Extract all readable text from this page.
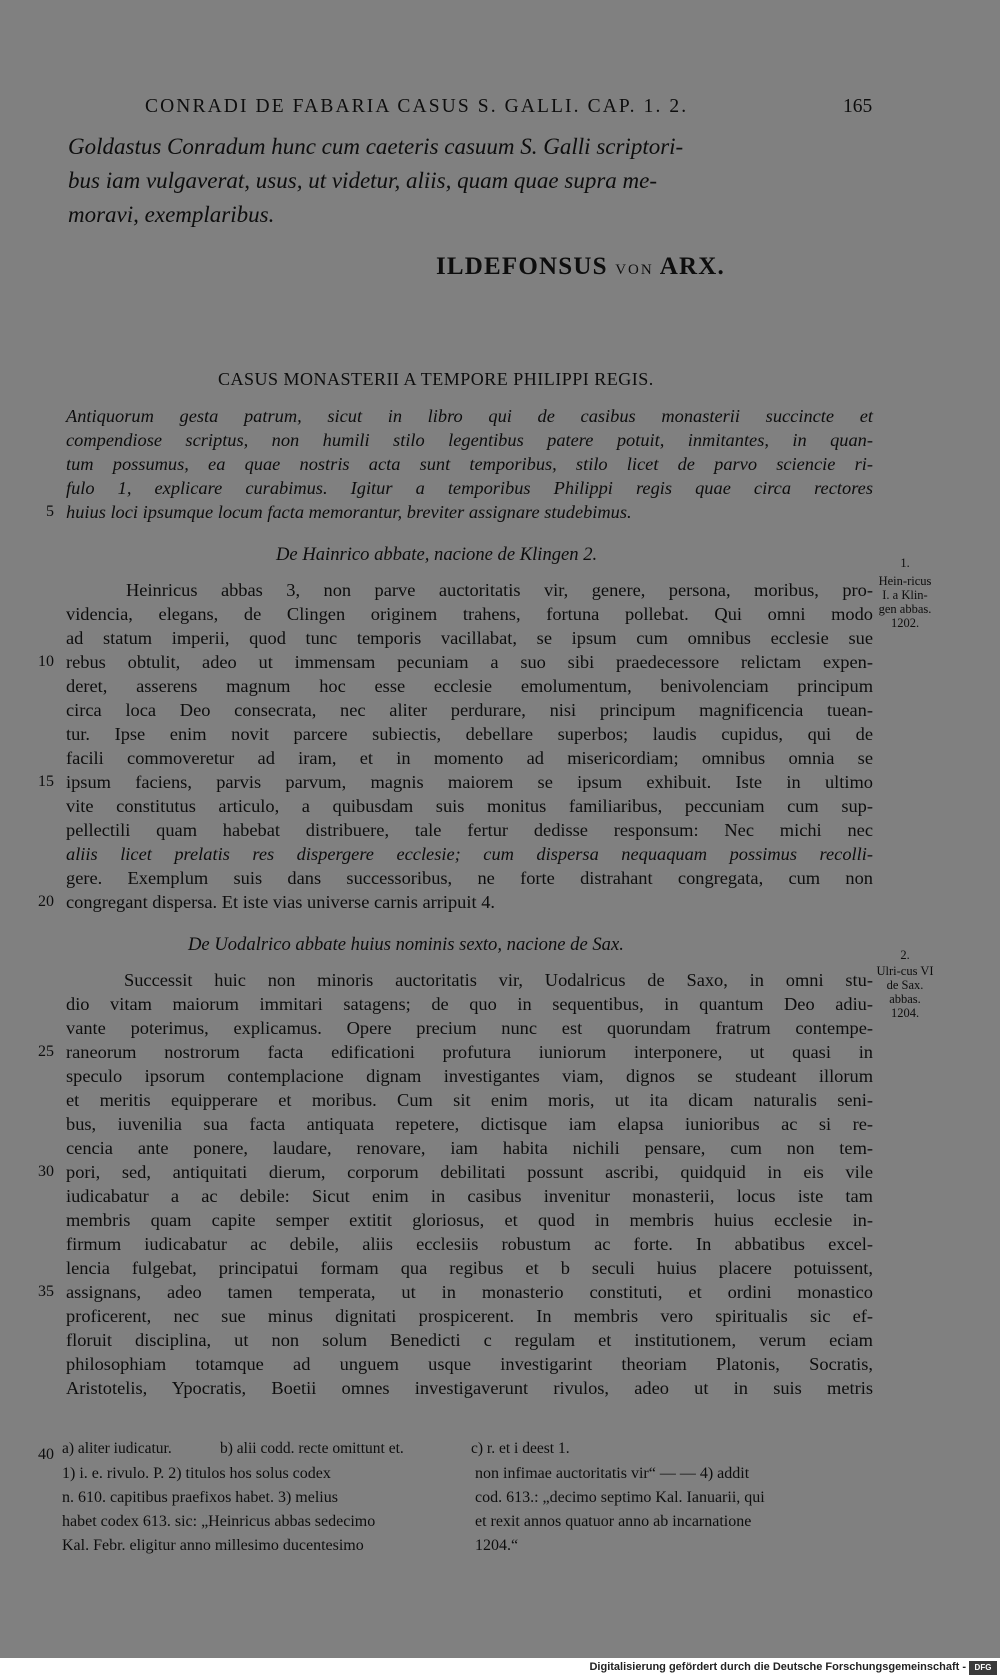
CONRADI DE FABARIA CASUS S. GALLI. CAP. 1. 2.	165
Goldastus Conradum hunc cum caeteris casuum S. Galli scriptori-
bus iam vulgaverat, usus, ut videtur, aliis, quam quae supra me-
moravi, exemplaribus.
ILDEFONSUS VON ARX.
CASUS MONASTERII A TEMPORE PHILIPPI REGIS.
Antiquorum gesta patrum, sicut in libro qui de casibus monasterii succincte et
compendiose scriptus, non humili stilo legentibus patere potuit, inmitantes, in quan-
tum possumus, ea quae nostris acta sunt temporibus, stilo licet de parvo sciencie ri-
fulo 1, explicare curabimus. Igitur a temporibus Philippi regis quae circa rectores
huius loci ipsumque locum facta memorantur, breviter assignare studebimus.
De Hainrico abbate, nacione de Klingen 2.	1.
Hein-ricus I. a Klin-gen abbas. 1202.
Heinricus abbas 3, non parve auctoritatis vir, genere, persona, moribus, pro-
videncia, elegans, de Clingen originem trahens, fortuna pollebat. Qui omni modo
ad statum imperii, quod tunc temporis vacillabat, se ipsum cum omnibus ecclesie sue
rebus obtulit, adeo ut immensam pecuniam a suo sibi praedecessore relictam expen-
deret, asserens magnum hoc esse ecclesie emolumentum, benivolenciam principum
circa loca Deo consecrata, nec aliter perdurare, nisi principum magnificencia tuean-
tur. Ipse enim novit parcere subiectis, debellare superbos; laudis cupidus, qui de
facili commoveretur ad iram, et in momento ad misericordiam; omnibus omnia se
ipsum faciens, parvis parvum, magnis maiorem se ipsum exhibuit. Iste in ultimo
vite constitutus articulo, a quibusdam suis monitus familiaribus, peccuniam cum sup-
pellectili quam habebat distribuere, tale fertur dedisse responsum: Nec michi nec
aliis licet prelatis res dispergere ecclesie; cum dispersa nequaquam possimus recolli-
gere. Exemplum suis dans successoribus, ne forte distrahant congregata, cum non
congregant dispersa. Et iste vias universe carnis arripuit 4.
De Uodalrico abbate huius nominis sexto, nacione de Sax.	2.
Ulri-cus VI de Sax. abbas. 1204.
Successit huic non minoris auctoritatis vir, Uodalricus de Saxo, in omni stu-
dio vitam maiorum immitari satagens; de quo in sequentibus, in quantum Deo adiu-
vante poterimus, explicamus. Opere precium nunc est quorundam fratrum contempe-
raneorum nostrorum facta edificationi profutura iuniorum interponere, ut quasi in
speculo ipsorum contemplacione dignam investigantes viam, dignos se studeant illorum
et meritis equipperare et moribus. Cum sit enim moris, ut ita dicam naturalis seni-
bus, iuvenilia sua facta antiquata repetere, dictisque iam elapsa iunioribus ac si re-
cencia ante ponere, laudare, renovare, iam habita nichili pensare, cum non tem-
pori, sed, antiquitati dierum, corporum debilitati possunt ascribi, quidquid in eis vile
iudicabatur a ac debile: Sicut enim in casibus invenitur monasterii, locus iste tam
membris quam capite semper extitit gloriosus, et quod in membris huius ecclesie in-
firmum iudicabatur ac debile, aliis ecclesiis robustum ac forte. In abbatibus excel-
lencia fulgebat, principatui formam qua regibus et b seculi huius placere potuissent,
assignans, adeo tamen temperata, ut in monasterio constituti, et ordini monastico
proficerent, nec sue minus dignitati prospicerent. In membris vero spiritualis sic ef-
floruit disciplina, ut non solum Benedicti c regulam et institutionem, verum eciam
philosophiam totamque ad unguem usque investigarint theoriam Platonis, Socratis,
Aristotelis, Ypocratis, Boetii omnes investigaverunt rivulos, adeo ut in suis metris
5
10
15
20
25
30
35
40 a) aliter iudicatur.	b) alii codd. recte omittunt et.	c) r. et i deest 1.
1) i. e. rivulo. P. 2) titulos hos solus codex
n. 610. capitibus praefixos habet. 3) melius
habet codex 613. sic: „Heinricus abbas sedecimo
Kal. Febr. eligitur anno millesimo ducentesimo
non infimae auctoritatis vir“ — — 4) addit
cod. 613.: „decimo septimo Kal. Ianuarii, qui
et rexit annos quatuor anno ab incarnatione
1204.“
Digitalisierung gefördert durch die Deutsche Forschungsgemeinschaft -	DFG
